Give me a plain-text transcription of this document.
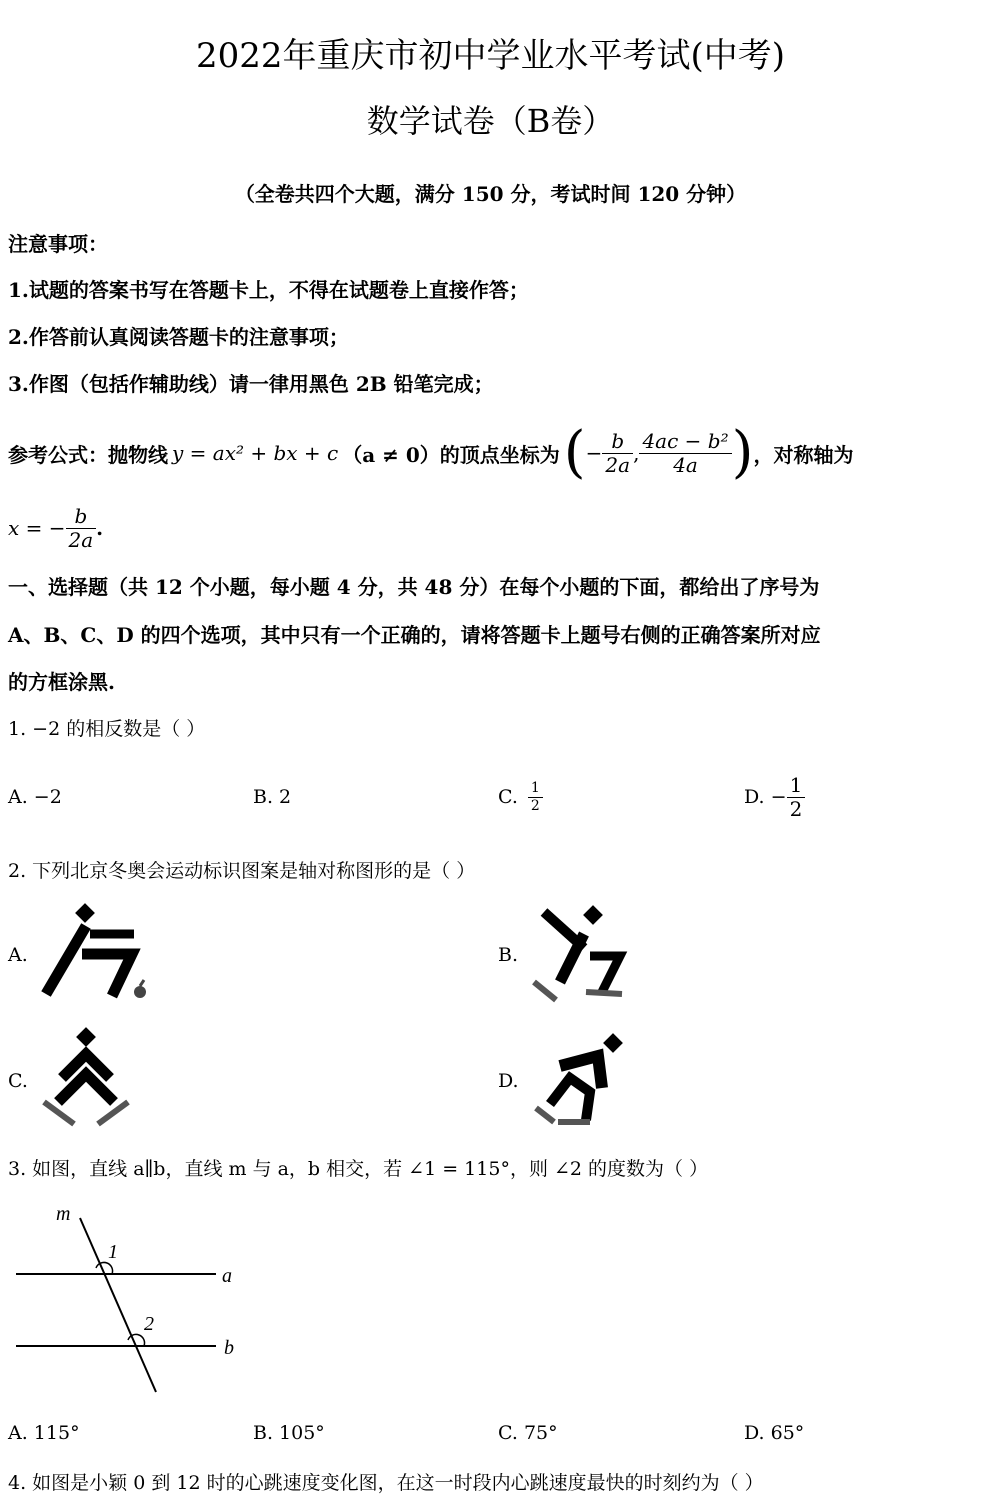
2022年重庆市初中学业水平考试(中考)
数学试卷（B卷）
（全卷共四个大题，满分 150 分，考试时间 120 分钟）
注意事项：
1.试题的答案书写在答题卡上，不得在试题卷上直接作答；
2.作答前认真阅读答题卡的注意事项；
3.作图（包括作辅助线）请一律用黑色 2B 铅笔完成；
参考公式：抛物线 y = ax² + bx + c （a ≠ 0）的顶点坐标为 ( − $\frac{b}{2a}$ , $\frac{\text{4ac − b²}}{4a}$ ) ，对称轴为
x = − $\frac{b}{2a}$ .
一、选择题（共 12 个小题，每小题 4 分，共 48 分）在每个小题的下面，都给出了序号为
A、B、C、D 的四个选项，其中只有一个正确的，请将答题卡上题号右侧的正确答案所对应
的方框涂黑.
1. −2 的相反数是（ ）
A. −2	B. 2	C. $\frac{1}{2}$	D. − $\frac{1}{2}$
2. 下列北京冬奥会运动标识图案是轴对称图形的是（ ）
A.	B.
C.	D.
3. 如图，直线 a∥b，直线 m 与 a，b 相交，若 ∠1 = 115°，则 ∠2 的度数为（ ）
m
1
a
2
b
A. 115°	B. 105°	C. 75°	D. 65°
4. 如图是小颖 0 到 12 时的心跳速度变化图，在这一时段内心跳速度最快的时刻约为（ ）
